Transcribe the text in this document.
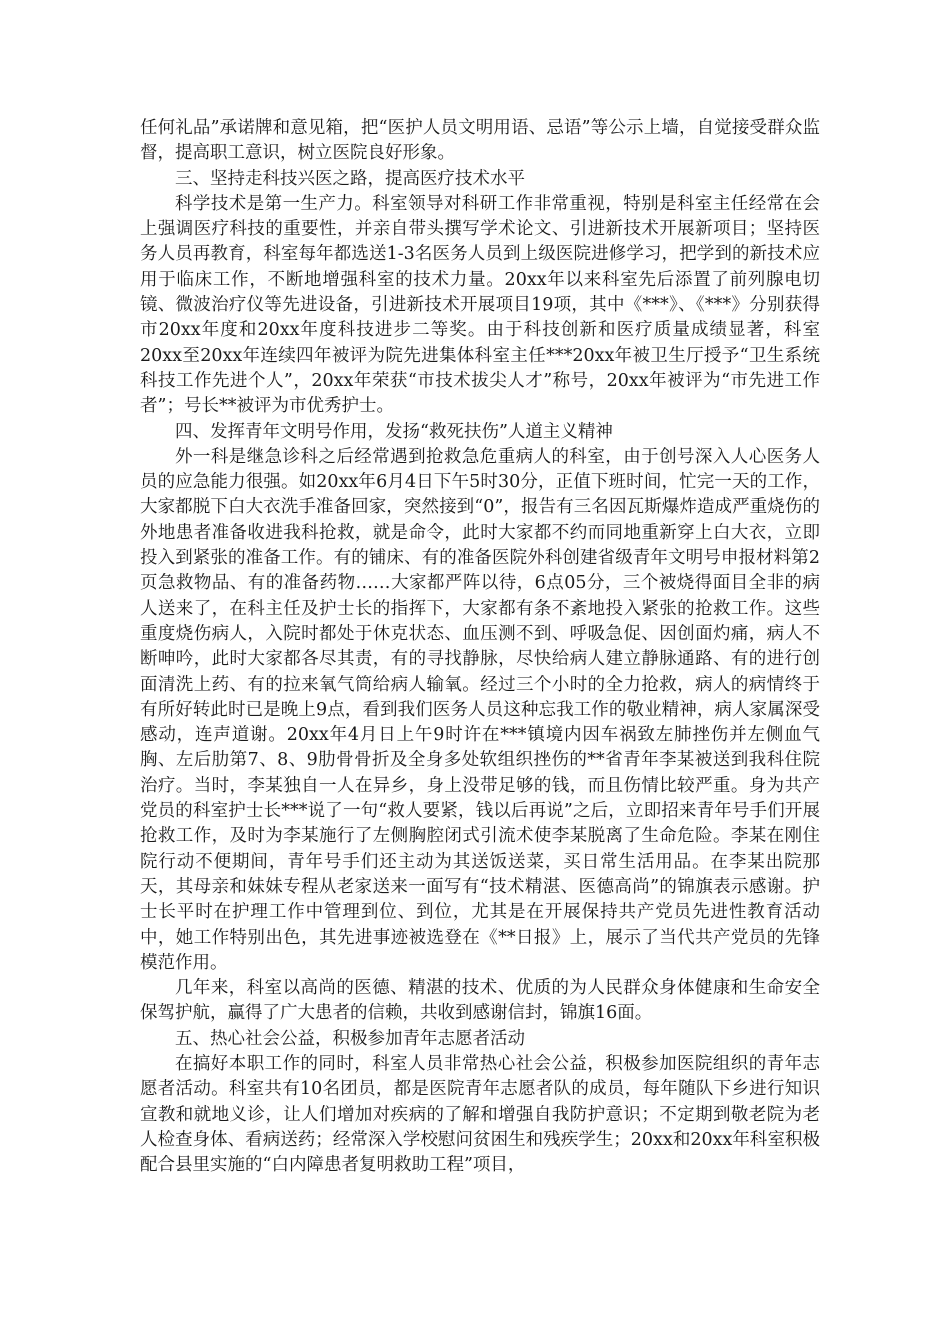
任何礼品”承诺牌和意见箱，把“医护人员文明用语、忌语”等公示上墙，自觉接受群众监督，提高职工意识，树立医院良好形象。

三、坚持走科技兴医之路，提高医疗技术水平

科学技术是第一生产力。科室领导对科研工作非常重视，特别是科室主任经常在会上强调医疗科技的重要性，并亲自带头撰写学术论文、引进新技术开展新项目；坚持医务人员再教育，科室每年都选送1-3名医务人员到上级医院进修学习，把学到的新技术应用于临床工作，不断地增强科室的技术力量。20xx年以来科室先后添置了前列腺电切镜、微波治疗仪等先进设备，引进新技术开展项目19项，其中《***》、《***》分别获得市20xx年度和20xx年度科技进步二等奖。由于科技创新和医疗质量成绩显著，科室20xx至20xx年连续四年被评为院先进集体科室主任***20xx年被卫生厅授予“卫生系统科技工作先进个人”，20xx年荣获“市技术拔尖人才”称号，20xx年被评为“市先进工作者”；号长**被评为市优秀护士。

四、发挥青年文明号作用，发扬“救死扶伤”人道主义精神

外一科是继急诊科之后经常遇到抢救急危重病人的科室，由于创号深入人心医务人员的应急能力很强。如20xx年6月4日下午5时30分，正值下班时间，忙完一天的工作，大家都脱下白大衣洗手准备回家，突然接到“0”，报告有三名因瓦斯爆炸造成严重烧伤的外地患者准备收进我科抢救，就是命令，此时大家都不约而同地重新穿上白大衣，立即投入到紧张的准备工作。有的铺床、有的准备医院外科创建省级青年文明号申报材料第2页急救物品、有的准备药物……大家都严阵以待，6点05分，三个被烧得面目全非的病人送来了，在科主任及护士长的指挥下，大家都有条不紊地投入紧张的抢救工作。这些重度烧伤病人，入院时都处于休克状态、血压测不到、呼吸急促、因创面灼痛，病人不断呻吟，此时大家都各尽其责，有的寻找静脉，尽快给病人建立静脉通路、有的进行创面清洗上药、有的拉来氧气筒给病人输氧。经过三个小时的全力抢救，病人的病情终于有所好转此时已是晚上9点，看到我们医务人员这种忘我工作的敬业精神，病人家属深受感动，连声道谢。20xx年4月日上午9时许在***镇境内因车祸致左肺挫伤并左侧血气胸、左后肋第7、8、9肋骨骨折及全身多处软组织挫伤的**省青年李某被送到我科住院治疗。当时，李某独自一人在异乡，身上没带足够的钱，而且伤情比较严重。身为共产党员的科室护士长***说了一句“救人要紧，钱以后再说”之后，立即招来青年号手们开展抢救工作，及时为李某施行了左侧胸腔闭式引流术使李某脱离了生命危险。李某在刚住院行动不便期间，青年号手们还主动为其送饭送菜，买日常生活用品。在李某出院那天，其母亲和妹妹专程从老家送来一面写有“技术精湛、医德高尚”的锦旗表示感谢。护士长平时在护理工作中管理到位、到位，尤其是在开展保持共产党员先进性教育活动中，她工作特别出色，其先进事迹被选登在《**日报》上，展示了当代共产党员的先锋模范作用。

几年来，科室以高尚的医德、精湛的技术、优质的为人民群众身体健康和生命安全保驾护航，赢得了广大患者的信赖，共收到感谢信封，锦旗16面。

五、热心社会公益，积极参加青年志愿者活动

在搞好本职工作的同时，科室人员非常热心社会公益，积极参加医院组织的青年志愿者活动。科室共有10名团员，都是医院青年志愿者队的成员，每年随队下乡进行知识宣教和就地义诊，让人们增加对疾病的了解和增强自我防护意识；不定期到敬老院为老人检查身体、看病送药；经常深入学校慰问贫困生和残疾学生；20xx和20xx年科室积极配合县里实施的“白内障患者复明救助工程”项目，
